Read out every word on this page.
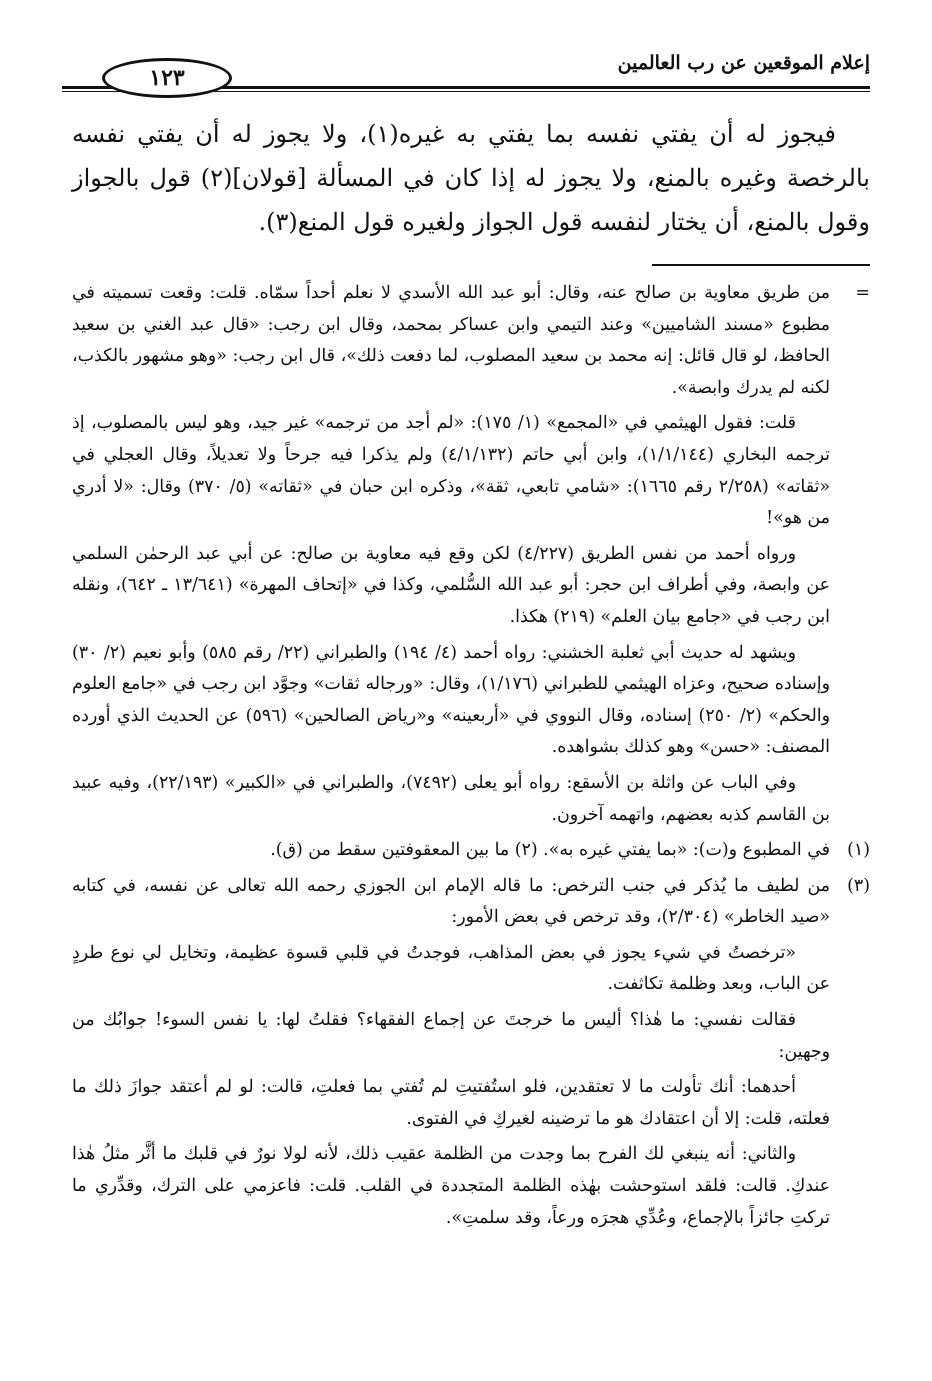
إعلام الموقعين عن رب العالمين
١٢٣

فيجوز له أن يفتي نفسه بما يفتي به غيره(١)، ولا يجوز له أن يفتي نفسه بالرخصة وغيره بالمنع، ولا يجوز له إذا كان في المسألة [قولان](٢) قول بالجواز وقول بالمنع، أن يختار لنفسه قول الجواز ولغيره قول المنع(٣).

=
من طريق معاوية بن صالح عنه، وقال: أبو عبد الله الأسدي لا نعلم أحداً سمّاه. قلت: وقعت تسميته في مطبوع «مسند الشاميين» وعند التيمي وابن عساكر بمحمد، وقال ابن رجب: «قال عبد الغني بن سعيد الحافظ، لو قال قائل: إنه محمد بن سعيد المصلوب، لما دفعت ذلك»، قال ابن رجب: «وهو مشهور بالكذب، لكنه لم يدرك وابصة».

قلت: فقول الهيثمي في «المجمع» (١/ ١٧٥): «لم أجد من ترجمه» غير جيد، وهو ليس بالمصلوب، إذ ترجمه البخاري (١/١/١٤٤)، وابن أبي حاتم (٤/١/١٣٢) ولم يذكرا فيه جرحاً ولا تعديلاً، وقال العجلي في «ثقاته» (٢/٢٥٨ رقم ١٦٦٥): «شامي تابعي، ثقة»، وذكره ابن حبان في «ثقاته» (٥/ ٣٧٠) وقال: «لا أدري من هو»!

ورواه أحمد من نفس الطريق (٤/٢٢٧) لكن وقع فيه معاوية بن صالح: عن أبي عبد الرحمٰن السلمي عن وابصة، وفي أطراف ابن حجر: أبو عبد الله السُّلمي، وكذا في «إتحاف المهرة» (١٣/٦٤١ ـ ٦٤٢)، ونقله ابن رجب في «جامع بيان العلم» (٢١٩) هكذا.

ويشهد له حديث أبي ثعلبة الخشني: رواه أحمد (٤/ ١٩٤) والطبراني (٢٢/ رقم ٥٨٥) وأبو نعيم (٢/ ٣٠) وإسناده صحيح، وعزاه الهيثمي للطبراني (١/١٧٦)، وقال: «ورجاله ثقات» وجوَّد ابن رجب في «جامع العلوم والحكم» (٢/ ٢٥٠) إسناده، وقال النووي في «أربعينه» و«رياض الصالحين» (٥٩٦) عن الحديث الذي أورده المصنف: «حسن» وهو كذلك بشواهده.

وفي الباب عن واثلة بن الأسقع: رواه أبو يعلى (٧٤٩٢)، والطبراني في «الكبير» (٢٢/١٩٣)، وفيه عبيد بن القاسم كذبه بعضهم، واتهمه آخرون.

(١)
في المطبوع و(ت): «بما يفتي غيره به». (٢) ما بين المعقوفتين سقط من (ق).

(٣)
من لطيف ما يُذكر في جنب الترخص: ما قاله الإمام ابن الجوزي رحمه الله تعالى عن نفسه، في كتابه «صيد الخاطر» (٢/٣٠٤)، وقد ترخص في بعض الأمور:

«ترخصتُ في شيء يجوز في بعض المذاهب، فوجدتُ في قلبي قسوة عظيمة، وتخايل لي نوع طردٍ عن الباب، وبعد وظلمة تكاثفت.

فقالت نفسي: ما هٰذا؟ أليس ما خرجتَ عن إجماع الفقهاء؟ فقلتُ لها: يا نفس السوء! جوابُك من وجهين:

أحدهما: أنك تأولت ما لا تعتقدين، فلو استُفتيتِ لم تُفتي بما فعلتِ، قالت: لو لم أعتقد جوازَ ذلك ما فعلته، قلت: إلا أن اعتقادك هو ما ترضينه لغيركِ في الفتوى.

والثاني: أنه ينبغي لك الفرح بما وجدت من الظلمة عقيب ذلك، لأنه لولا نورٌ في قلبك ما أثَّر مثلُ هٰذا عندكِ. قالت: فلقد استوحشت بهٰذه الظلمة المتجددة في القلب. قلت: فاعزمي على الترك، وقدِّري ما تركتِ جائزاً بالإجماع، وعُدِّي هجرَه ورعاً، وقد سلمتِ».
